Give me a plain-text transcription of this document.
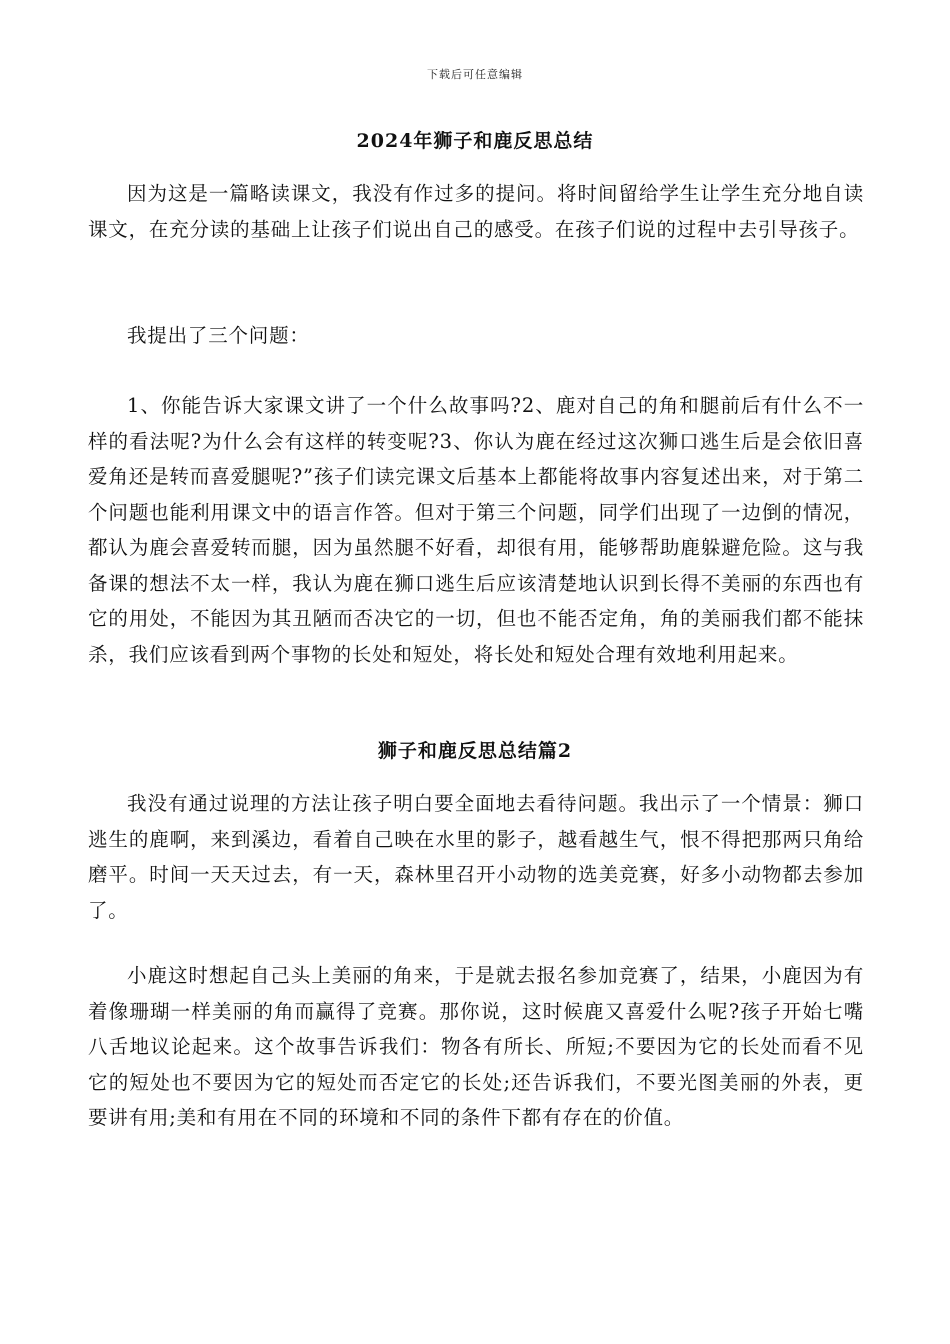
下载后可任意编辑
2024年狮子和鹿反思总结

因为这是一篇略读课文，我没有作过多的提问。将时间留给学生让学生充分地自读课文，在充分读的基础上让孩子们说出自己的感受。在孩子们说的过程中去引导孩子。

我提出了三个问题：

1、你能告诉大家课文讲了一个什么故事吗?2、鹿对自己的角和腿前后有什么不一样的看法呢?为什么会有这样的转变呢?3、你认为鹿在经过这次狮口逃生后是会依旧喜爱角还是转而喜爱腿呢?”孩子们读完课文后基本上都能将故事内容复述出来，对于第二个问题也能利用课文中的语言作答。但对于第三个问题，同学们出现了一边倒的情况，都认为鹿会喜爱转而腿，因为虽然腿不好看，却很有用，能够帮助鹿躲避危险。这与我备课的想法不太一样，我认为鹿在狮口逃生后应该清楚地认识到长得不美丽的东西也有它的用处，不能因为其丑陋而否决它的一切，但也不能否定角，角的美丽我们都不能抹杀，我们应该看到两个事物的长处和短处，将长处和短处合理有效地利用起来。

狮子和鹿反思总结篇2

我没有通过说理的方法让孩子明白要全面地去看待问题。我出示了一个情景：狮口逃生的鹿啊，来到溪边，看着自己映在水里的影子，越看越生气，恨不得把那两只角给磨平。时间一天天过去，有一天，森林里召开小动物的选美竞赛，好多小动物都去参加了。

小鹿这时想起自己头上美丽的角来，于是就去报名参加竞赛了，结果，小鹿因为有着像珊瑚一样美丽的角而赢得了竞赛。那你说，这时候鹿又喜爱什么呢?孩子开始七嘴八舌地议论起来。这个故事告诉我们：物各有所长、所短;不要因为它的长处而看不见它的短处也不要因为它的短处而否定它的长处;还告诉我们，不要光图美丽的外表，更要讲有用;美和有用在不同的环境和不同的条件下都有存在的价值。
